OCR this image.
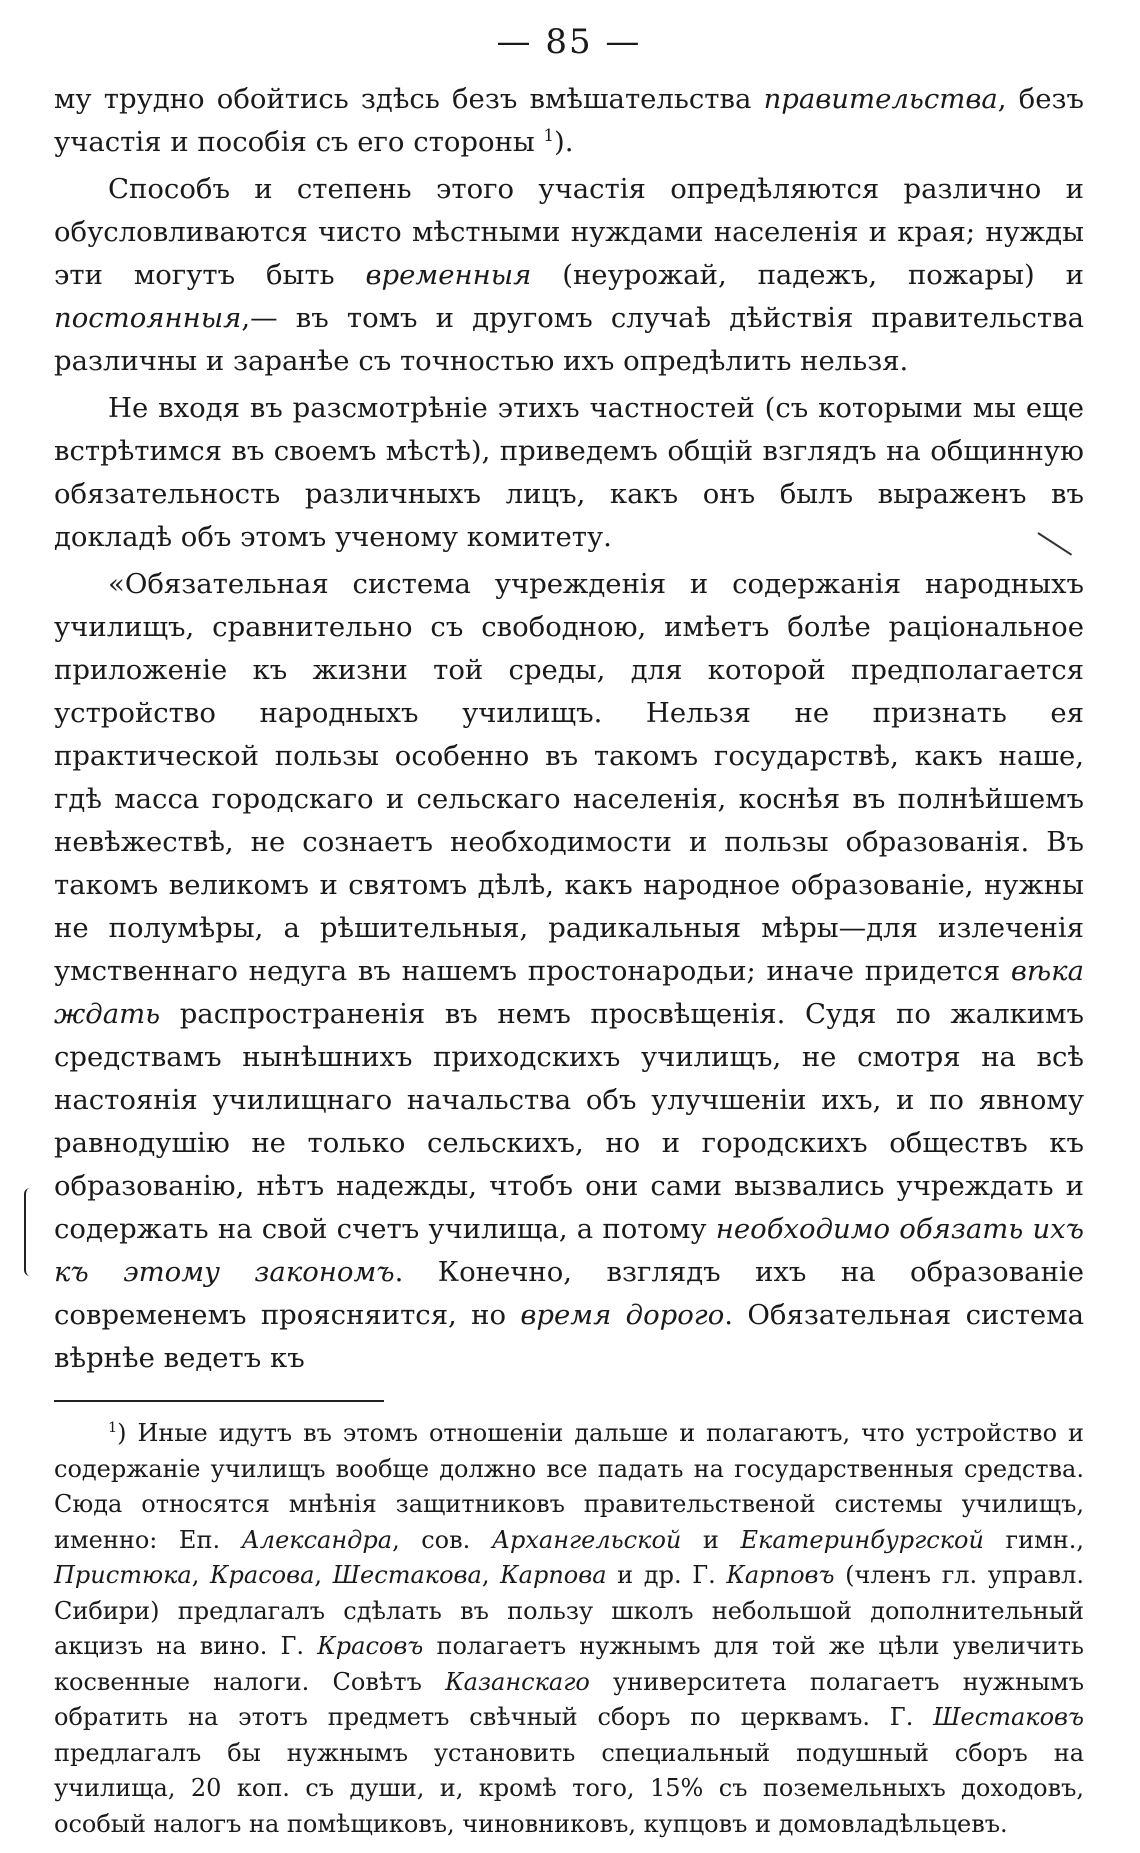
— 85 —

му трудно обойтись здѣсь безъ вмѣшательства правительства, безъ участія и пособія съ его стороны $^1$).

Способъ и степень этого участія опредѣляются различно и обусловливаются чисто мѣстными нуждами населенія и края; нужды эти могутъ быть временныя (неурожай, падежъ, пожары) и постоянныя,— въ томъ и другомъ случаѣ дѣйствія правительства различны и заранѣе съ точностью ихъ опредѣлить нельзя.

Не входя въ разсмотрѣніе этихъ частностей (съ которыми мы еще встрѣтимся въ своемъ мѣстѣ), приведемъ общій взглядъ на общинную обязательность различныхъ лицъ, какъ онъ былъ выраженъ въ докладѣ объ этомъ ученому комитету.

«Обязательная система учрежденія и содержанія народныхъ училищъ, сравнительно съ свободною, имѣетъ болѣе раціональное приложеніе къ жизни той среды, для которой предполагается устройство народныхъ училищъ. Нельзя не признать ея практической пользы особенно въ такомъ государствѣ, какъ наше, гдѣ масса городскаго и сельскаго населенія, коснѣя въ полнѣйшемъ невѣжествѣ, не сознаетъ необходимости и пользы образованія. Въ такомъ великомъ и святомъ дѣлѣ, какъ народное образованіе, нужны не полумѣры, а рѣшительныя, радикальныя мѣры—для излеченія умственнаго недуга въ нашемъ простонародьи; иначе придется вѣка ждать распространенія въ немъ просвѣщенія. Судя по жалкимъ средствамъ нынѣшнихъ приходскихъ училищъ, не смотря на всѣ настоянія училищнаго начальства объ улучшеніи ихъ, и по явному равнодушію не только сельскихъ, но и городскихъ обществъ къ образованію, нѣтъ надежды, чтобъ они сами вызвались учреждать и содержать на свой счетъ училища, а потому необходимо обязать ихъ къ этому закономъ. Конечно, взглядъ ихъ на образованіе современемъ проясняится, но время дорого. Обязательная система вѣрнѣе ведетъ къ

$^1$) Иные идутъ въ этомъ отношеніи дальше и полагаютъ, что устройство и содержаніе училищъ вообще должно все падать на государственныя средства. Сюда относятся мнѣнія защитниковъ правительственой системы училищъ, именно: Еп. Александра, сов. Архангельской и Екатеринбургской гимн., Пристюка, Красова, Шестакова, Карпова и др. Г. Карповъ (членъ гл. управл. Сибири) предлагалъ сдѣлать въ пользу школъ небольшой дополнительный акцизъ на вино. Г. Красовъ полагаетъ нужнымъ для той же цѣли увеличить косвенные налоги. Совѣтъ Казанскаго университета полагаетъ нужнымъ обратить на этотъ предметъ свѣчный сборъ по церквамъ. Г. Шестаковъ предлагалъ бы нужнымъ установить специальный подушный сборъ на училища, 20 коп. съ души, и, кромѣ того, 15% съ поземельныхъ доходовъ, особый налогъ на помѣщиковъ, чиновниковъ, купцовъ и домовладѣльцевъ.
